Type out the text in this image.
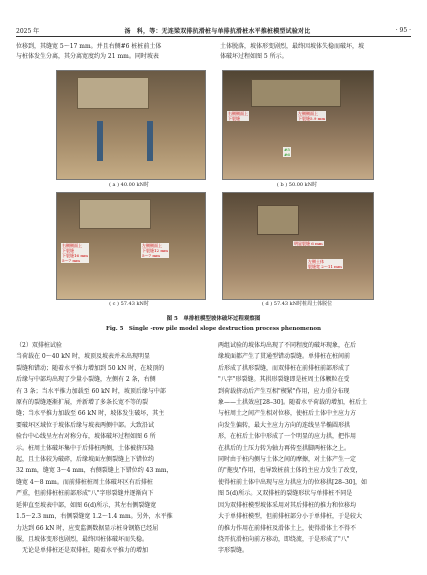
2025 年	汤　科，等：无连梁双排抗滑桩与单排抗滑桩水平推桩模型试验对比	· 95 ·
位移到，其缝宽 5～17 mm。并且右侧#6 桩桩前土体
与桩体发生分离，其分离宽度约为 21 mm。同时坡表
土体脱落，坡体形变剧烈，最终因坡体失稳而破坏，坡
体破坏过程如图 5 所示。
( a ) 40.00 kN时
右侧侧面上
下裂缝
左侧侧面上
下裂缝5.9 mm
#5
#6
( b ) 50.00 kN时
右侧侧面上
下裂缝
下裂缝16 mm
5～7 mm
左侧侧面上
下裂缝12 mm
5～7 mm
( c ) 57.43 kN时
明显裂缝 6 mm
左侧土体
裂缝宽 2～11 mm
( d ) 57.43 kN时桩周土体脱位
图 5　单排桩模型坡体破坏过程观察图
Fig. 5　Single -row pile model slope destruction process phenomenon
（2）双排桩试验
当荷载在 0～40 kN 时，坡顶及坡表并未出现明显
裂缝和错动；随着水平推力增加到 50 kN 时，在坡顶的
后缘与中部均出现了少量小裂缝，左侧有 2 条，右侧
有 3 条；当水平推力加载至 60 kN 时，坡顶后缘与中部
原有的裂缝逐渐扩展，并新增了多条长宽不等的裂
缝；当水平推力加载至 66 kN 时，坡体发生破坏，其主
要破坏区域位于坡体后缘与坡表两侧中部。大致沿试
验台中心线呈左右对称分布，坡体破坏过程如图 6 所
示。桩周土体破坏集中于后排桩两侧，土体被挤压隆
起，且土体较为破碎，后缘坡面左侧裂缝上下错位约
32 mm，缝宽 3～4 mm，右侧裂缝上下错位约 43 mm，
缝宽 4～8 mm。而前排桩桩周土体破坏区有后排桩
严重，但前排桩桩前部形成"八"字形裂缝并逐渐向下
延伸直至坡表中部，如图 6(d)所示，其左右侧裂缝宽
1.5～2.3 mm，右侧裂缝宽 1.2～1.4 mm。另外，水平推
力达到 66 kN 时，应变监测数据显示桩身钢筋已经屈
服，且坡体变形也剧烈，最终因桩体破坏而失稳。
　无论是单排桩还是双排桩，随着水平推力的增加
两组试验的坡体均出现了不同程度的破坏现象，在后
缘坡面都产生了贯通型错动裂缝。单排桩在桩间前
后形成了拱形裂缝，而双排桩在前排桩前部形成了
"八字"形裂缝。其拱形裂缝即是桩周土体颗粒在受
到荷载挤动后产生互相"楔紧"作用，应力重分布现
象——土拱效应[28–30]。随着水平荷载的增加，桩后土
与桩周土之间产生相对位移，使桩后土体中主应力方
向发生偏转，最大主应力方向的连线呈半椭圆形拱
形，在桩后土体中形成了一个明显的应力拱，把作用
在拱后的土压力转为轴力再传至拱脚两桩体之上。
同时由于桩内侧与土体之间的摩擦，对土体产生一定
的"拖曳"作用，也导致桩前土体的主应力发生了改变，
使得桩前土体中出现与应力拱应力的位移拱[28–30]，如
图 5(d)所示。又双排桩的裂缝形状与单排桩不同是
因为双排桩模型坡体采用对其后排桩的推力和位移均
大于单排桩模型，但前排桩部分小于单排桩，于是较大
的推力作用在前排桩及滑体土上，使得滑体土不得不
绕开抗滑桩向前方移动，即绕流，于是形成了"八"
字形裂缝。
